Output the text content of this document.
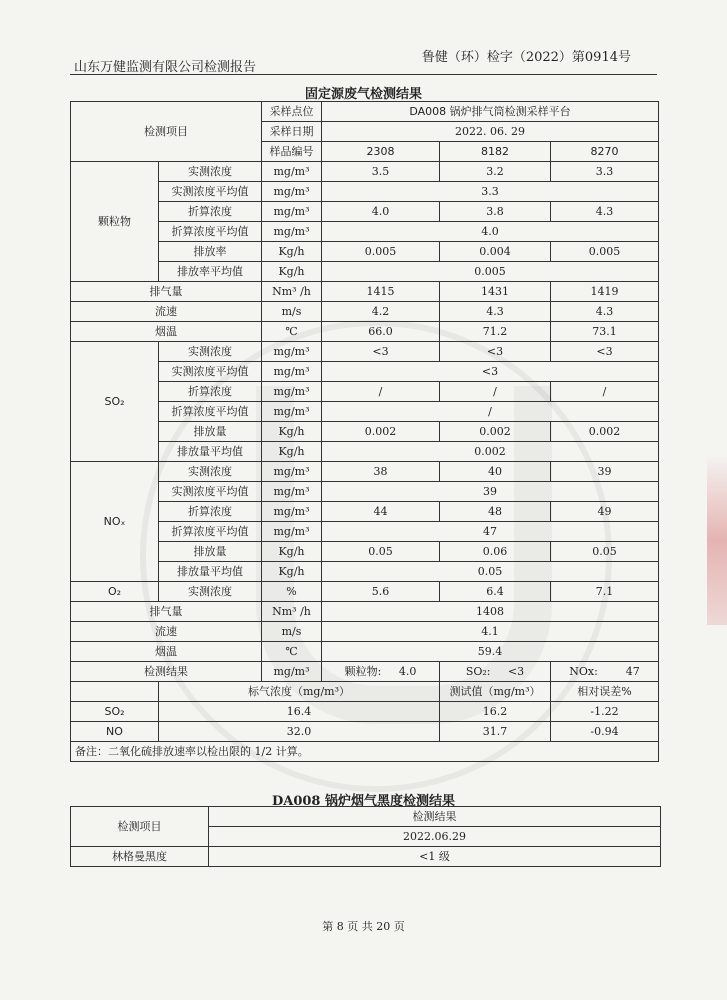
山东万健监测有限公司检测报告
鲁健（环）检字（2022）第0914号
固定源废气检测结果
检测项目		采样点位	DA008 锅炉排气筒检测采样平台			
		采样日期	2022. 06. 29			
		样品编号	2308	8182	8270	
颗粒物	实测浓度	mg/m³	3.5	3.2	3.3	
	实测浓度平均值	mg/m³	3.3			
	折算浓度	mg/m³	4.0	3.8	4.3	
	折算浓度平均值	mg/m³	4.0			
	排放率	Kg/h	0.005	0.004	0.005	
	排放率平均值	Kg/h	0.005			
排气量		Nm³ /h	1415	1431	1419	
流速		m/s	4.2	4.3	4.3	
烟温		℃	66.0	71.2	73.1	
SO₂	实测浓度	mg/m³	<3	<3	<3	
	实测浓度平均值	mg/m³	<3			
	折算浓度	mg/m³	/	/	/	
	折算浓度平均值	mg/m³	/			
	排放量	Kg/h	0.002	0.002	0.002	
	排放量平均值	Kg/h	0.002			
NOₓ	实测浓度	mg/m³	38	40	39	
	实测浓度平均值	mg/m³	39			
	折算浓度	mg/m³	44	48	49	
	折算浓度平均值	mg/m³	47			
	排放量	Kg/h	0.05	0.06	0.05	
	排放量平均值	Kg/h	0.05			
O₂	实测浓度	%	5.6	6.4	7.1	
排气量		Nm³ /h	1408			
流速		m/s	4.1			
烟温		℃	59.4			
检测结果		mg/m³	颗粒物: 4.0	SO₂: <3	NOx: 47	
	标气浓度（mg/m³）			测试值（mg/m³）	相对误差%	
SO₂	16.4			16.2	-1.22	
NO	32.0			31.7	-0.94	
备注：二氧化硫排放速率以检出限的 1/2 计算。						
DA008 锅炉烟气黑度检测结果
检测项目	检测结果
	2022.06.29
林格曼黑度	<1 级
第 8 页 共 20 页
